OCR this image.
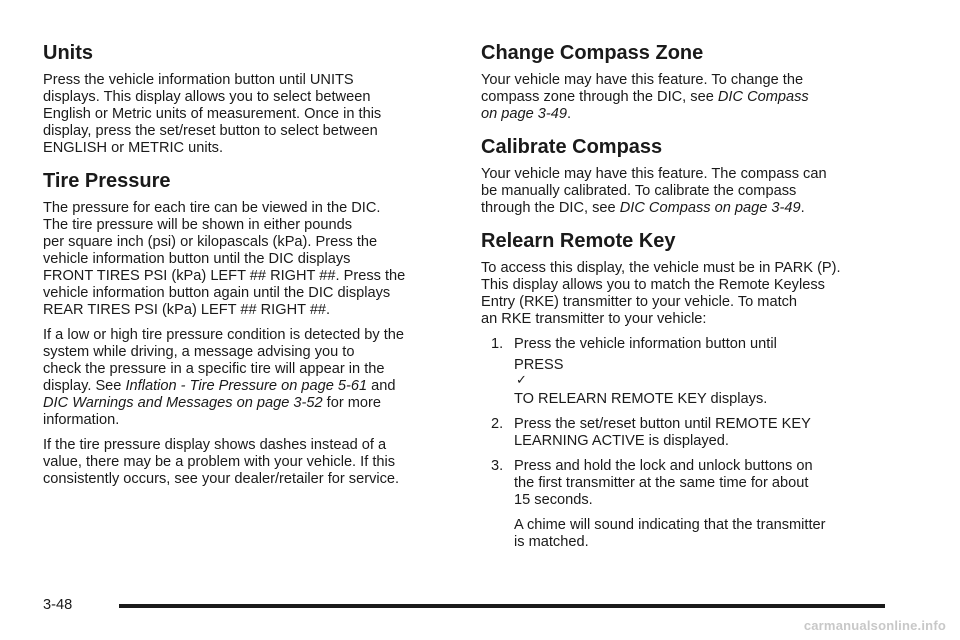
Units

Press the vehicle information button until UNITS
displays. This display allows you to select between
English or Metric units of measurement. Once in this
display, press the set/reset button to select between
ENGLISH or METRIC units.

Tire Pressure

The pressure for each tire can be viewed in the DIC.
The tire pressure will be shown in either pounds
per square inch (psi) or kilopascals (kPa). Press the
vehicle information button until the DIC displays
FRONT TIRES PSI (kPa) LEFT ## RIGHT ##. Press the
vehicle information button again until the DIC displays
REAR TIRES PSI (kPa) LEFT ## RIGHT ##.

If a low or high tire pressure condition is detected by the
system while driving, a message advising you to
check the pressure in a specific tire will appear in the
display. See Inflation - Tire Pressure on page 5-61 and
DIC Warnings and Messages on page 3-52 for more
information.

If the tire pressure display shows dashes instead of a
value, there may be a problem with your vehicle. If this
consistently occurs, see your dealer/retailer for service.

Change Compass Zone

Your vehicle may have this feature. To change the
compass zone through the DIC, see DIC Compass
on page 3-49.

Calibrate Compass

Your vehicle may have this feature. The compass can
be manually calibrated. To calibrate the compass
through the DIC, see DIC Compass on page 3-49.

Relearn Remote Key

To access this display, the vehicle must be in PARK (P).
This display allows you to match the Remote Keyless
Entry (RKE) transmitter to your vehicle. To match
an RKE transmitter to your vehicle:

1. Press the vehicle information button until
PRESS
✓
TO RELEARN REMOTE KEY displays.
2. Press the set/reset button until REMOTE KEY
LEARNING ACTIVE is displayed.
3. Press and hold the lock and unlock buttons on
the first transmitter at the same time for about
15 seconds.
A chime will sound indicating that the transmitter
is matched.
3-48
carmanualsonline.info
